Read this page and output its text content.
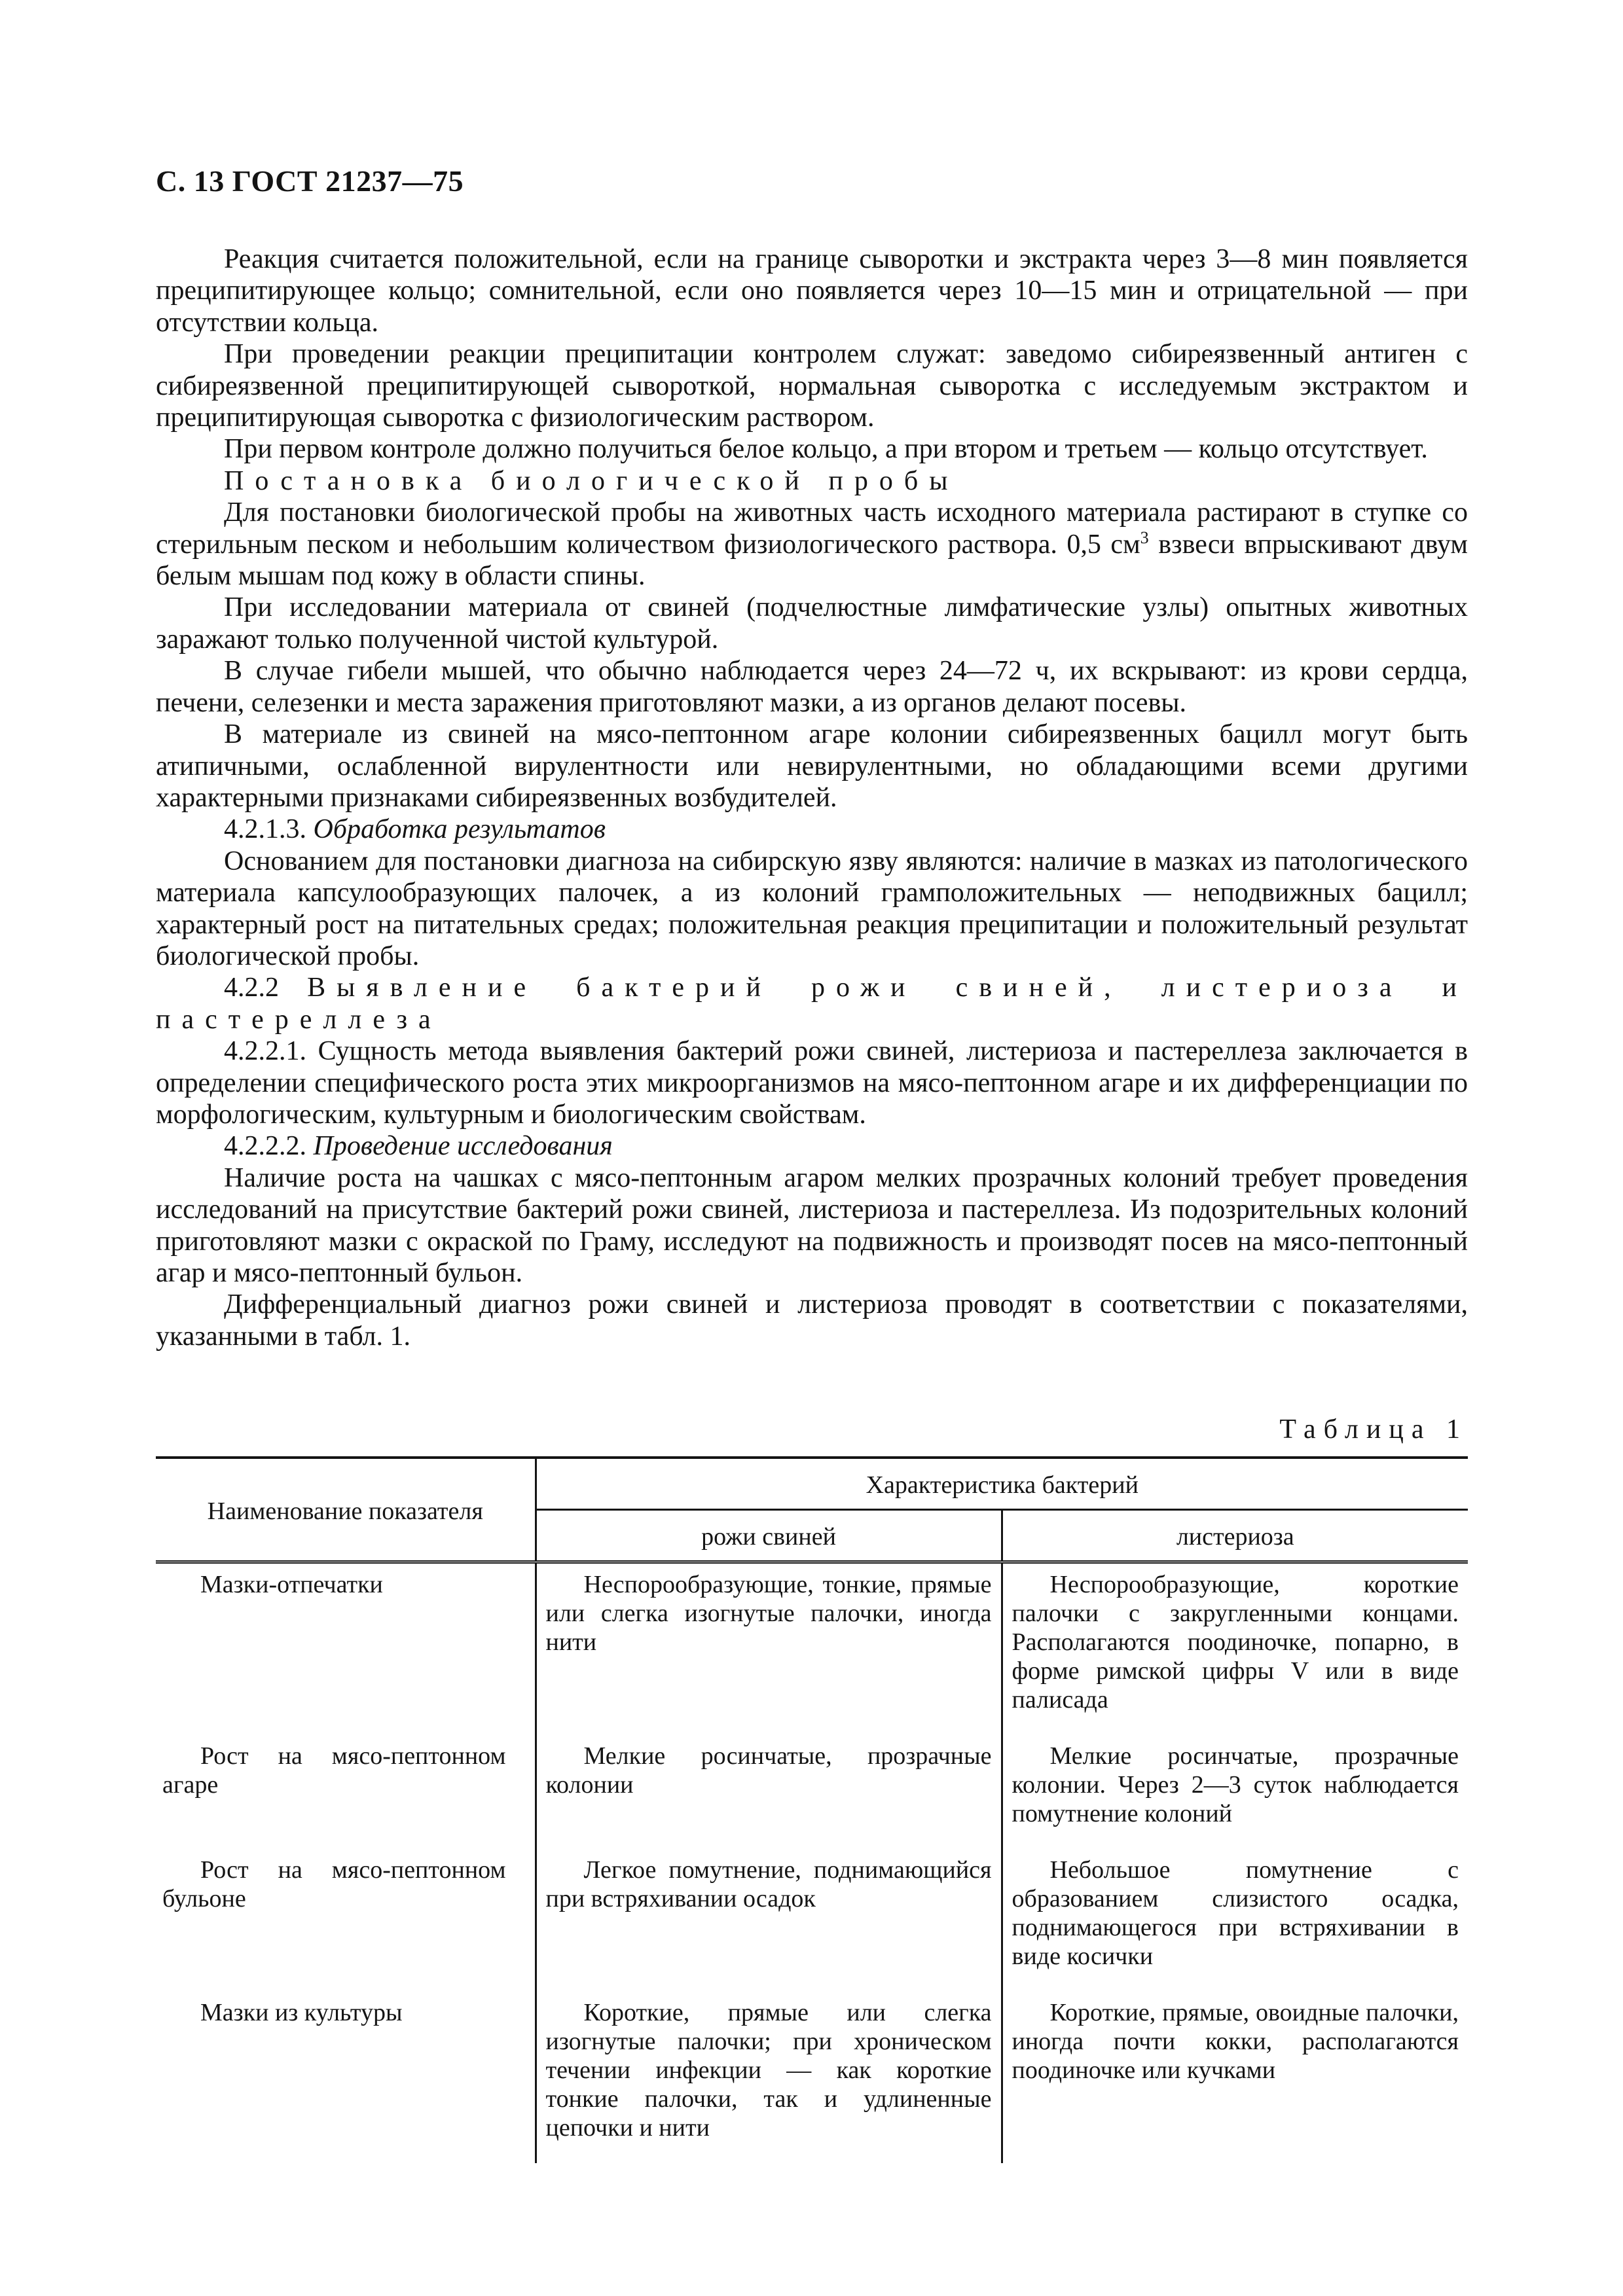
С. 13 ГОСТ 21237—75

Реакция считается положительной, если на границе сыворотки и экстракта через 3—8 мин появляется преципитирующее кольцо; сомнительной, если оно появляется через 10—15 мин и отрицательной — при отсутствии кольца.

При проведении реакции преципитации контролем служат: заведомо сибиреязвенный антиген с сибиреязвенной преципитирующей сывороткой, нормальная сыворотка с исследуемым экстрактом и преципитирующая сыворотка с физиологическим раствором.

При первом контроле должно получиться белое кольцо, а при втором и третьем — кольцо отсутствует.

Постановка биологической пробы

Для постановки биологической пробы на животных часть исходного материала растирают в ступке со стерильным песком и небольшим количеством физиологического раствора. 0,5 $см^3$ взвеси впрыскивают двум белым мышам под кожу в области спины.

При исследовании материала от свиней (подчелюстные лимфатические узлы) опытных животных заражают только полученной чистой культурой.

В случае гибели мышей, что обычно наблюдается через 24—72 ч, их вскрывают: из крови сердца, печени, селезенки и места заражения приготовляют мазки, а из органов делают посевы.

В материале из свиней на мясо-пептонном агаре колонии сибиреязвенных бацилл могут быть атипичными, ослабленной вирулентности или невирулентными, но обладающими всеми другими характерными признаками сибиреязвенных возбудителей.

4.2.1.3. Обработка результатов

Основанием для постановки диагноза на сибирскую язву являются: наличие в мазках из патологического материала капсулообразующих палочек, а из колоний грамположительных — неподвижных бацилл; характерный рост на питательных средах; положительная реакция преципитации и положительный результат биологической пробы.

4.2.2 Выявление бактерий рожи свиней, листериоза и пастереллеза

4.2.2.1. Сущность метода выявления бактерий рожи свиней, листериоза и пастереллеза заключается в определении специфического роста этих микроорганизмов на мясо-пептонном агаре и их дифференциации по морфологическим, культурным и биологическим свойствам.

4.2.2.2. Проведение исследования

Наличие роста на чашках с мясо-пептонным агаром мелких прозрачных колоний требует проведения исследований на присутствие бактерий рожи свиней, листериоза и пастереллеза. Из подозрительных колоний приготовляют мазки с окраской по Граму, исследуют на подвижность и производят посев на мясо-пептонный агар и мясо-пептонный бульон.

Дифференциальный диагноз рожи свиней и листериоза проводят в соответствии с показателями, указанными в табл. 1.

Таблица 1
Наименование показателя	Характеристика бактерий	
	рожи свиней	листериоза
Мазки-отпечатки	Неспорообразующие, тонкие, прямые или слегка изогнутые палочки, иногда нити	Неспорообразующие, короткие палочки с закругленными концами. Располагаются поодиночке, попарно, в форме римской цифры V или в виде палисада
Рост на мясо-пептонном агаре	Мелкие росинчатые, прозрачные колонии	Мелкие росинчатые, прозрачные колонии. Через 2—3 суток наблюдается помутнение колоний
Рост на мясо-пептонном бульоне	Легкое помутнение, поднимающийся при встряхивании осадок	Небольшое помутнение с образованием слизистого осадка, поднимающегося при встряхивании в виде косички
Мазки из культуры	Короткие, прямые или слегка изогнутые палочки; при хроническом течении инфекции — как короткие тонкие палочки, так и удлиненные цепочки и нити	Короткие, прямые, овоидные палочки, иногда почти кокки, располагаются поодиночке или кучками
